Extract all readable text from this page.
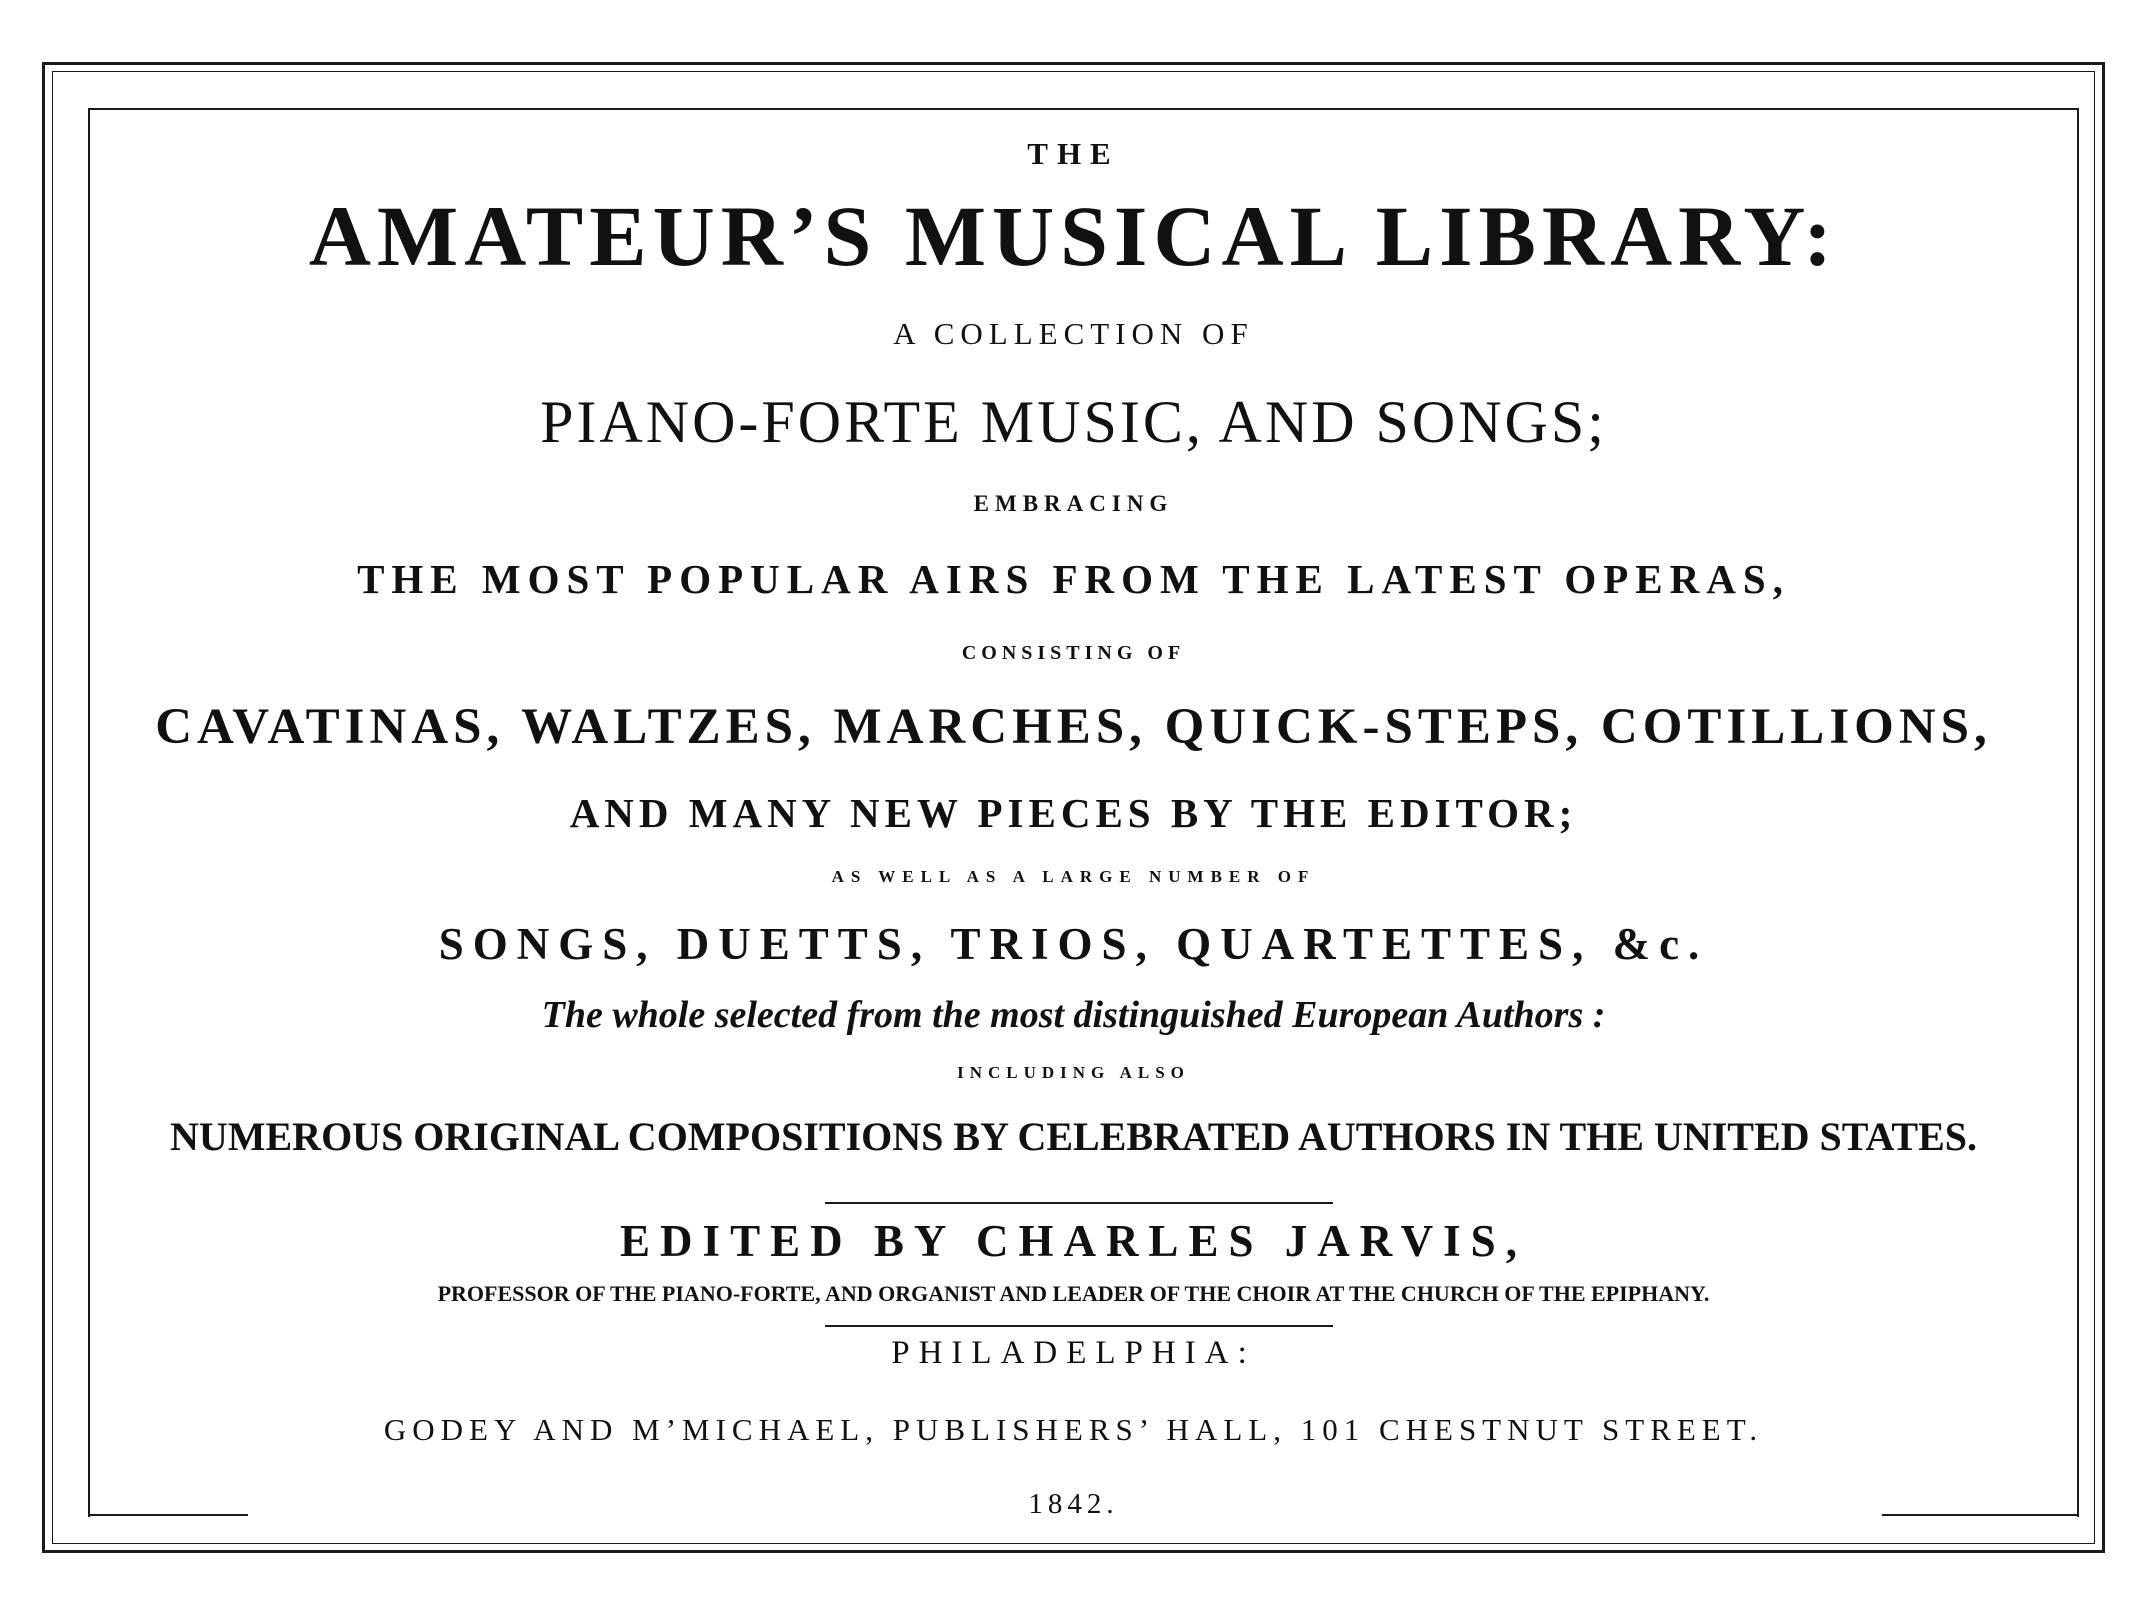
THE
AMATEUR’S MUSICAL LIBRARY:
A COLLECTION OF
PIANO-FORTE MUSIC, AND SONGS;
EMBRACING
THE MOST POPULAR AIRS FROM THE LATEST OPERAS,
CONSISTING OF
CAVATINAS, WALTZES, MARCHES, QUICK-STEPS, COTILLIONS,
AND MANY NEW PIECES BY THE EDITOR;
AS WELL AS A LARGE NUMBER OF
SONGS, DUETTS, TRIOS, QUARTETTES, &c.
The whole selected from the most distinguished European Authors :
INCLUDING ALSO
NUMEROUS ORIGINAL COMPOSITIONS BY CELEBRATED AUTHORS IN THE UNITED STATES.
EDITED BY CHARLES JARVIS,
PROFESSOR OF THE PIANO-FORTE, AND ORGANIST AND LEADER OF THE CHOIR AT THE CHURCH OF THE EPIPHANY.
PHILADELPHIA:
GODEY AND M’MICHAEL, PUBLISHERS’ HALL, 101 CHESTNUT STREET.
1842.
